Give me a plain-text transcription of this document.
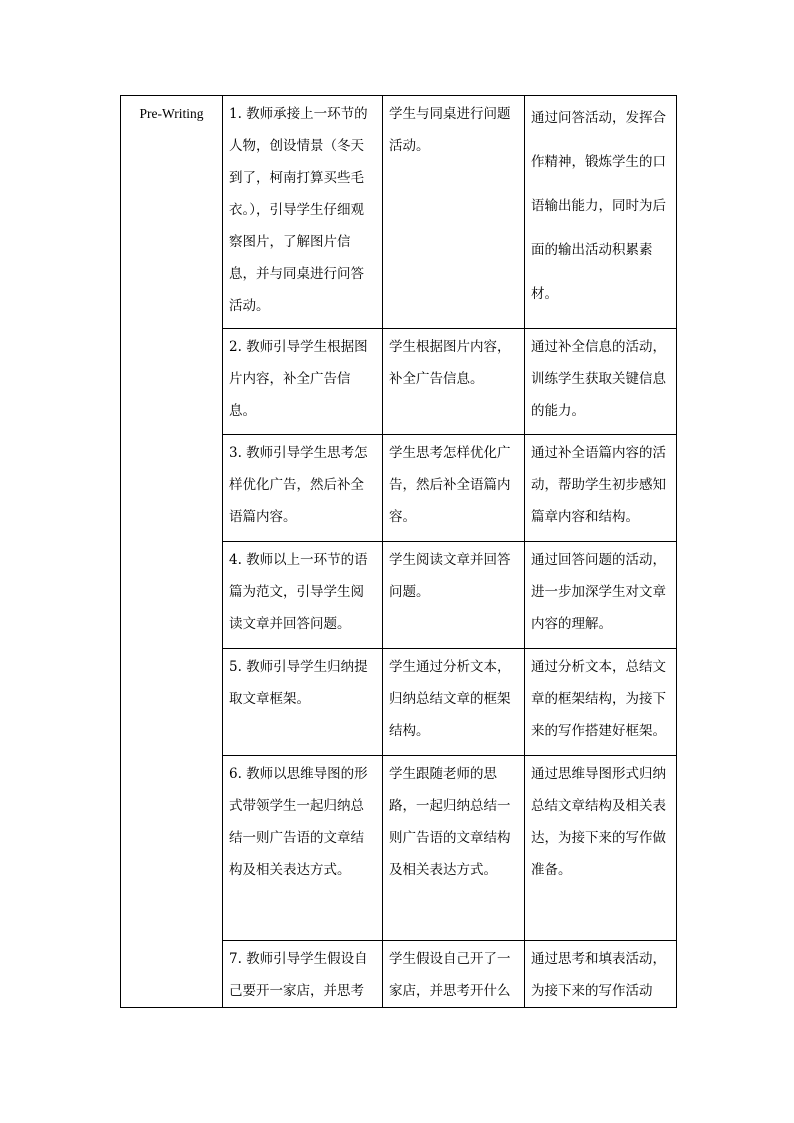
Pre-Writing	1. 教师承接上一环节的人物，创设情景（冬天到了，柯南打算买些毛衣。），引导学生仔细观察图片，了解图片信息，并与同桌进行问答活动。	学生与同桌进行问题活动。	通过问答活动，发挥合作精神，锻炼学生的口语输出能力，同时为后面的输出活动积累素材。
	2. 教师引导学生根据图片内容，补全广告信息。	学生根据图片内容，补全广告信息。	通过补全信息的活动，训练学生获取关键信息的能力。
	3. 教师引导学生思考怎样优化广告，然后补全语篇内容。	学生思考怎样优化广告，然后补全语篇内容。	通过补全语篇内容的活动，帮助学生初步感知篇章内容和结构。
	4. 教师以上一环节的语篇为范文，引导学生阅读文章并回答问题。	学生阅读文章并回答问题。	通过回答问题的活动，进一步加深学生对文章内容的理解。
	5. 教师引导学生归纳提取文章框架。	学生通过分析文本，归纳总结文章的框架结构。	通过分析文本，总结文章的框架结构，为接下来的写作搭建好框架。
	6. 教师以思维导图的形式带领学生一起归纳总结一则广告语的文章结构及相关表达方式。	学生跟随老师的思路，一起归纳总结一则广告语的文章结构及相关表达方式。	通过思维导图形式归纳总结文章结构及相关表达，为接下来的写作做准备。
	7. 教师引导学生假设自己要开一家店，并思考	学生假设自己开了一家店，并思考开什么	通过思考和填表活动，为接下来的写作活动
